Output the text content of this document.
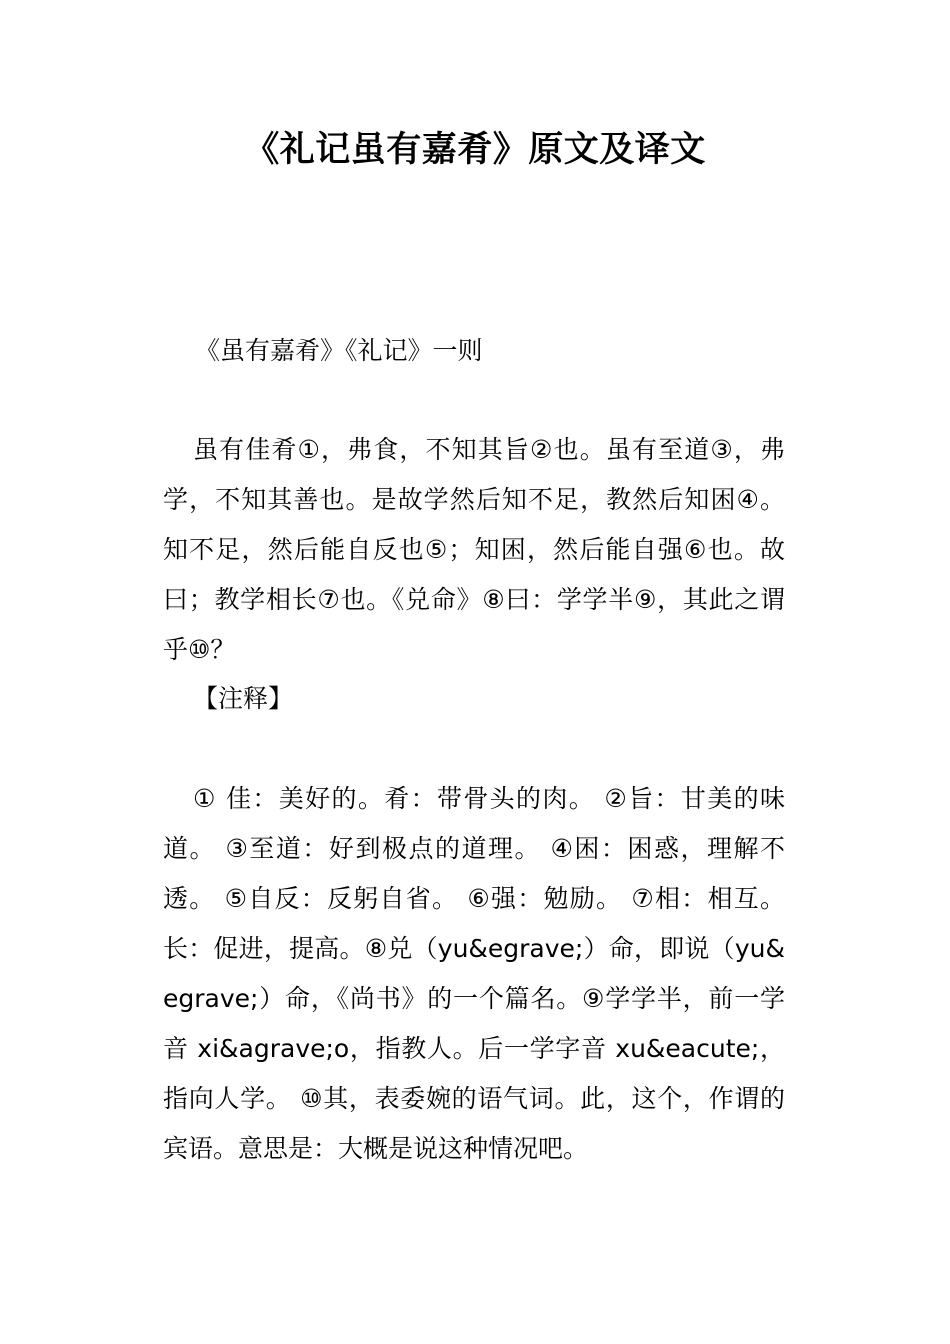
《礼记虽有嘉肴》原文及译文
《虽有嘉肴》《礼记》一则
虽有佳肴①，弗食，不知其旨②也。虽有至道③，弗学，不知其善也。是故学然后知不足，教然后知困④。知不足，然后能自反也⑤；知困，然后能自强⑥也。故曰；教学相长⑦也。《兑命》⑧曰：学学半⑨，其此之谓乎⑩？
【注释】
① 佳：美好的。肴：带骨头的肉。 ②旨：甘美的味道。 ③至道：好到极点的道理。 ④困：困惑，理解不透。 ⑤自反：反躬自省。 ⑥强：勉励。 ⑦相：相互。长：促进，提高。⑧兑（yu&egrave;）命，即说（yu&egrave;）命，《尚书》的一个篇名。⑨学学半，前一学音 xi&agrave;o，指教人。后一学字音 xu&eacute;，指向人学。 ⑩其，表委婉的语气词。此，这个，作谓的宾语。意思是：大概是说这种情况吧。
